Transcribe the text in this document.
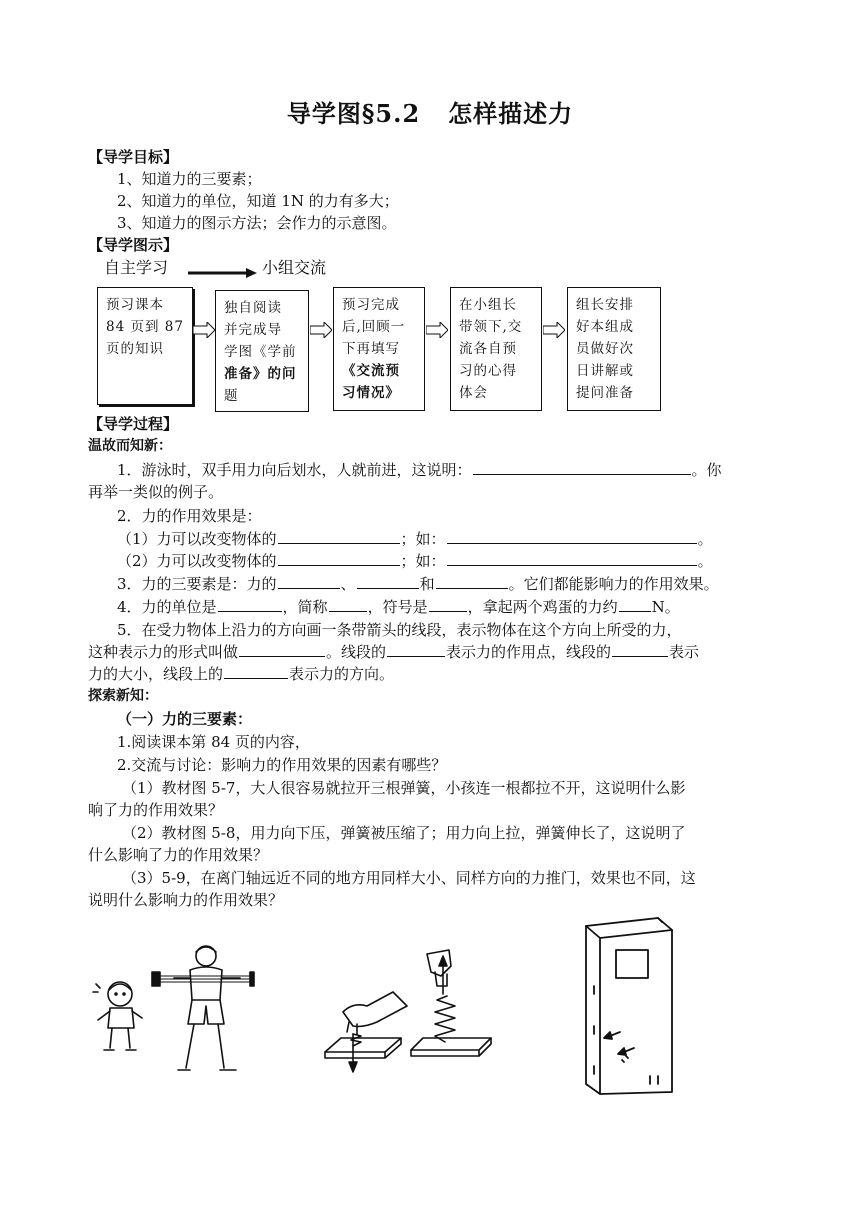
导学图§5.2 怎样描述力
【导学目标】
1、知道力的三要素；
2、知道力的单位，知道 1N 的力有多大；
3、知道力的图示方法；会作力的示意图。
【导学图示】
自主学习	小组交流
预习课本
84 页到 87
页的知识
独自阅读
并完成导
学图《学前
准备》的问
题
预习完成
后,回顾一
下再填写
《交流预
习情况》
在小组长
带领下,交
流各自预
习的心得
体会
组长安排
好本组成
员做好次
日讲解或
提问准备
【导学过程】
温故而知新：
1．游泳时，双手用力向后划水，人就前进，这说明：	。你
再举一类似的例子。
2．力的作用效果是：
（1）力可以改变物体的	；如：	。
（2）力可以改变物体的	；如：	。
3．力的三要素是：力的	、	和	。它们都能影响力的作用效果。
4．力的单位是	，简称	，符号是	，拿起两个鸡蛋的力约 N。
5．在受力物体上沿力的方向画一条带箭头的线段，表示物体在这个方向上所受的力，
这种表示力的形式叫做	。线段的	表示力的作用点，线段的	表示
力的大小，线段上的	表示力的方向。
探索新知：
（一）力的三要素：
1.阅读课本第 84 页的内容，
2.交流与讨论：影响力的作用效果的因素有哪些？
（1）教材图 5-7，大人很容易就拉开三根弹簧，小孩连一根都拉不开，这说明什么影
响了力的作用效果？
（2）教材图 5-8，用力向下压，弹簧被压缩了；用力向上拉，弹簧伸长了，这说明了
什么影响了力的作用效果？
（3）5-9，在离门轴远近不同的地方用同样大小、同样方向的力推门，效果也不同，这
说明什么影响力的作用效果？
